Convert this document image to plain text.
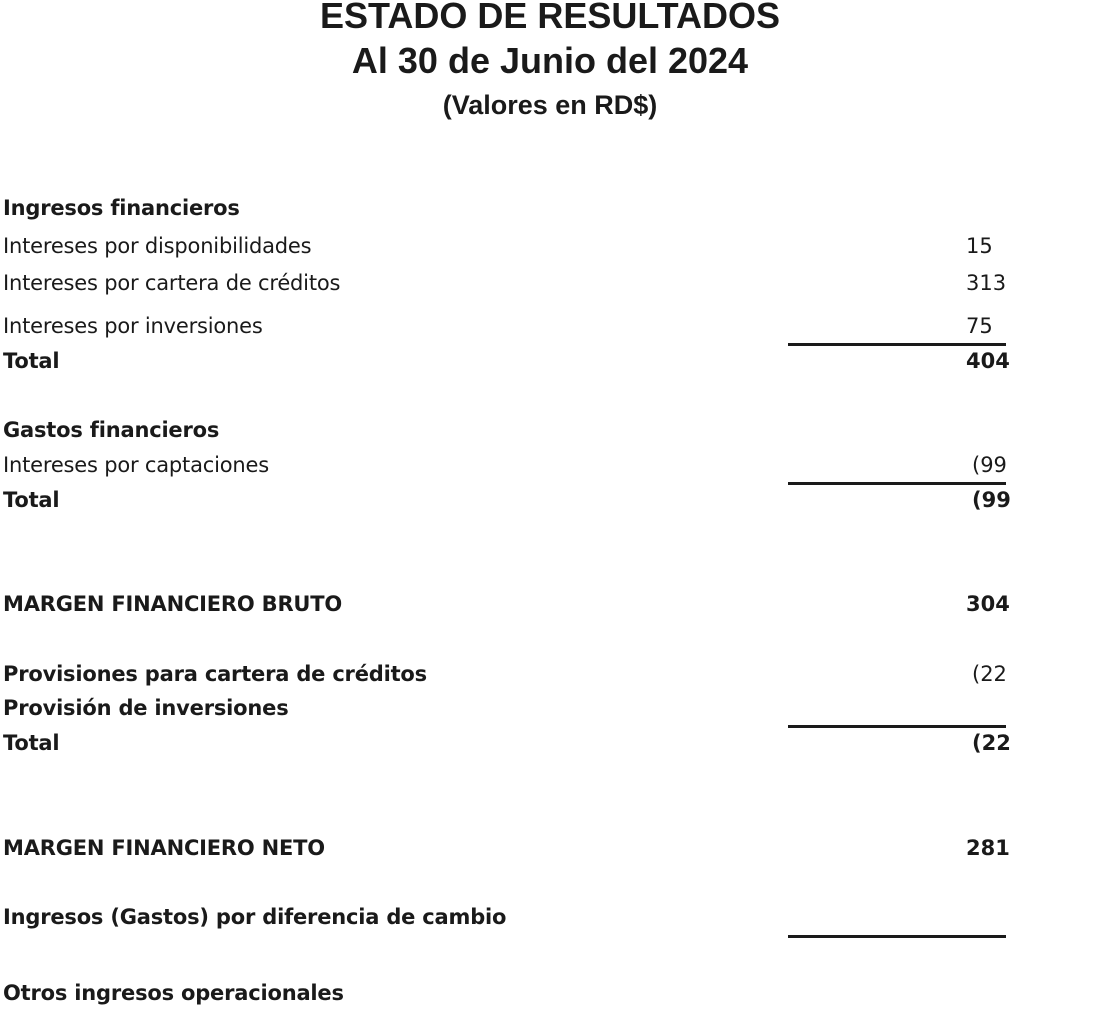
ESTADO DE RESULTADOS
Al 30 de Junio del 2024
(Valores en RD$)
Ingresos financieros
Intereses por disponibilidades	15
Intereses por cartera de créditos	313
Intereses por inversiones	75
Total	404
Gastos financieros
Intereses por captaciones	(99
Total	(99
MARGEN FINANCIERO BRUTO	304
Provisiones para cartera de créditos	(22
Provisión de inversiones
Total	(22
MARGEN FINANCIERO NETO	281
Ingresos (Gastos) por diferencia de cambio
Otros ingresos operacionales
